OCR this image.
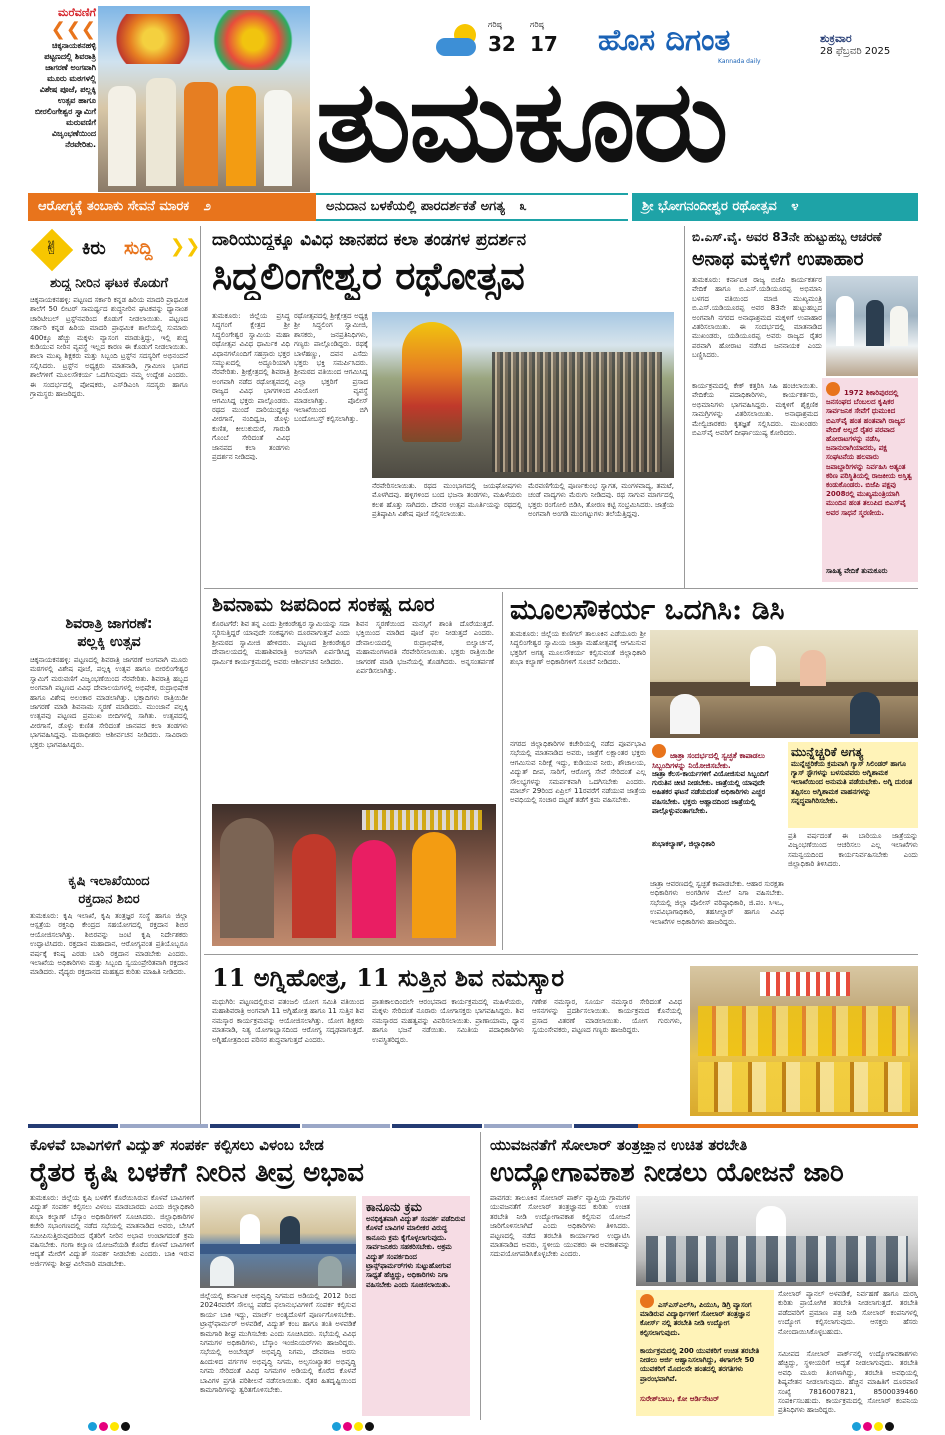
ಮರೆವಣಿಗೆ
❮❮❮
ಚಿಕ್ಕನಾಯಕನಹಳ್ಳಿ ಪಟ್ಟಣದಲ್ಲಿ ಶಿವರಾತ್ರಿ ಜಾಗರಣೆ ಅಂಗವಾಗಿ ಮೂರು ಮಠಗಳಲ್ಲಿ ವಿಶೇಷ ಪೂಜೆ, ಪಲ್ಲಕ್ಕಿ ಉತ್ಸವ ಹಾಗೂ ಬೀರಲಿಂಗೇಶ್ವರ ಸ್ವಾಮಿಗೆ ಮರುವಣಿಗೆ ವಿಜೃಂಭಣೆಯಿಂದ ನೆರವೇರಿತು.
ಗರಿಷ್ಠ
32
ಗರಿಷ್ಠ
17 ಹೊಸ ದಿಗಂತ
Kannada daily
ಶುಕ್ರವಾರ
28 ಫೆಬ್ರವರಿ 2025
ತುಮಕೂರು
ಆರೋಗ್ಯಕ್ಕೆ ತಂಬಾಕು ಸೇವನೆ ಮಾರಕ ೨	ಅನುದಾನ ಬಳಕೆಯಲ್ಲಿ ಪಾರದರ್ಶಕತೆ ಅಗತ್ಯ ೩	ಶ್ರೀ ಭೋಗನಂದೀಶ್ವರ ರಥೋತ್ಸವ ೪
✌ ಕಿರು ಸುದ್ದಿ ❯❯
ಶುದ್ಧ ನೀರಿನ ಘಟಕ ಕೊಡುಗೆ
ಚಿಕ್ಕನಾಯಕನಹಳ್ಳಿ: ಪಟ್ಟಣದ ಸರ್ಕಾರಿ ಕನ್ನಡ ಹಿರಿಯ ಮಾದರಿ ಪ್ರಾಥಮಿಕ ಶಾಲೆಗೆ 50 ಲೀಟರ್ ಸಾಮರ್ಥ್ಯದ ಶುದ್ಧನೀರಿನ ಘಟಕವನ್ನು ಧ್ಯಾನಾಂಶ ಚಾರಿಟೀಬಲ್ ಟ್ರಸ್ಟ್‌ನವರಿಂದ ಕೊಡುಗೆ ನೀಡಲಾಯಿತು. ಪಟ್ಟಣದ ಸರ್ಕಾರಿ ಕನ್ನಡ ಹಿರಿಯ ಮಾದರಿ ಪ್ರಾಥಮಿಕ ಶಾಲೆಯಲ್ಲಿ ಸುಮಾರು 400ಕ್ಕೂ ಹೆಚ್ಚು ಮಕ್ಕಳು ವ್ಯಾಸಂಗ ಮಾಡುತ್ತಿದ್ದು, ಇಲ್ಲಿ ಶುದ್ಧ ಕುಡಿಯುವ ನೀರಿನ ವ್ಯವಸ್ಥೆ ಇಲ್ಲದ ಕಾರಣ ಈ ಕೊಡುಗೆ ನೀಡಲಾಯಿತು. ಶಾಲಾ ಮುಖ್ಯ ಶಿಕ್ಷಕರು ಮತ್ತು ಸಿಬ್ಬಂದಿ ಟ್ರಸ್ಟ್‌ನ ಸದಸ್ಯರಿಗೆ ಅಭಿನಂದನೆ ಸಲ್ಲಿಸಿದರು. ಟ್ರಸ್ಟ್‌ನ ಅಧ್ಯಕ್ಷರು ಮಾತನಾಡಿ, ಗ್ರಾಮೀಣ ಭಾಗದ ಶಾಲೆಗಳಿಗೆ ಮೂಲಸೌಕರ್ಯ ಒದಗಿಸುವುದು ನಮ್ಮ ಉದ್ದೇಶ ಎಂದರು. ಈ ಸಂದರ್ಭದಲ್ಲಿ ಪೋಷಕರು, ಎಸ್‌ಡಿಎಂಸಿ ಸದಸ್ಯರು ಹಾಗೂ ಗ್ರಾಮಸ್ಥರು ಹಾಜರಿದ್ದರು.
ಶಿವರಾತ್ರಿ ಜಾಗರಣೆ:
ಪಲ್ಲಕ್ಕಿ ಉತ್ಸವ
ಚಿಕ್ಕನಾಯಕನಹಳ್ಳಿ: ಪಟ್ಟಣದಲ್ಲಿ ಶಿವರಾತ್ರಿ ಜಾಗರಣೆ ಅಂಗವಾಗಿ ಮೂರು ಮಠಗಳಲ್ಲಿ ವಿಶೇಷ ಪೂಜೆ, ಪಲ್ಲಕ್ಕಿ ಉತ್ಸವ ಹಾಗೂ ಬೀರಲಿಂಗೇಶ್ವರ ಸ್ವಾಮಿಗೆ ಮರುವಣಿಗೆ ವಿಜೃಂಭಣೆಯಿಂದ ನೆರವೇರಿತು. ಶಿವರಾತ್ರಿ ಹಬ್ಬದ ಅಂಗವಾಗಿ ಪಟ್ಟಣದ ವಿವಿಧ ದೇವಾಲಯಗಳಲ್ಲಿ ಅಭಿಷೇಕ, ರುದ್ರಾಭಿಷೇಕ ಹಾಗೂ ವಿಶೇಷ ಅಲಂಕಾರ ಮಾಡಲಾಗಿತ್ತು. ಭಕ್ತಾದಿಗಳು ರಾತ್ರಿಯಿಡೀ ಜಾಗರಣೆ ಮಾಡಿ ಶಿವನಾಮ ಸ್ಮರಣೆ ಮಾಡಿದರು. ಮುಂಜಾನೆ ಪಲ್ಲಕ್ಕಿ ಉತ್ಸವವು ಪಟ್ಟಣದ ಪ್ರಮುಖ ಬೀದಿಗಳಲ್ಲಿ ಸಾಗಿತು. ಉತ್ಸವದಲ್ಲಿ ವೀರಗಾಸೆ, ಡೊಳ್ಳು ಕುಣಿತ ಸೇರಿದಂತೆ ಜಾನಪದ ಕಲಾ ತಂಡಗಳು ಭಾಗವಹಿಸಿದ್ದವು. ಮಠಾಧೀಶರು ಆಶೀರ್ವಚನ ನೀಡಿದರು. ಸಾವಿರಾರು ಭಕ್ತರು ಭಾಗವಹಿಸಿದ್ದರು.
ಕೃಷಿ ಇಲಾಖೆಯಿಂದ
ರಕ್ತದಾನ ಶಿಬಿರ
ತುಮಕೂರು: ಕೃಷಿ ಇಲಾಖೆ, ಕೃಷಿ ತಂತ್ರಜ್ಞರ ಸಂಸ್ಥೆ ಹಾಗೂ ಜಿಲ್ಲಾ ಆಸ್ಪತ್ರೆಯ ರಕ್ತನಿಧಿ ಕೇಂದ್ರದ ಸಹಯೋಗದಲ್ಲಿ ರಕ್ತದಾನ ಶಿಬಿರ ಆಯೋಜಿಸಲಾಗಿತ್ತು. ಶಿಬಿರವನ್ನು ಜಂಟಿ ಕೃಷಿ ನಿರ್ದೇಶಕರು ಉದ್ಘಾಟಿಸಿದರು. ರಕ್ತದಾನ ಮಹಾದಾನ, ಆರೋಗ್ಯವಂತ ಪ್ರತಿಯೊಬ್ಬರೂ ವರ್ಷಕ್ಕೆ ಕನಿಷ್ಠ ಎರಡು ಬಾರಿ ರಕ್ತದಾನ ಮಾಡಬೇಕು ಎಂದರು. ಇಲಾಖೆಯ ಅಧಿಕಾರಿಗಳು ಮತ್ತು ಸಿಬ್ಬಂದಿ ಸ್ವಯಂಪ್ರೇರಿತವಾಗಿ ರಕ್ತದಾನ ಮಾಡಿದರು. ವೈದ್ಯರು ರಕ್ತದಾನದ ಮಹತ್ವದ ಕುರಿತು ಮಾಹಿತಿ ನೀಡಿದರು.
ದಾರಿಯುದ್ದಕ್ಕೂ ವಿವಿಧ ಜಾನಪದ ಕಲಾ ತಂಡಗಳ ಪ್ರದರ್ಶನ
ಸಿದ್ದಲಿಂಗೇಶ್ವರ ರಥೋತ್ಸವ
ತುಮಕೂರು: ಜಿಲ್ಲೆಯ ಪ್ರಸಿದ್ಧ ಸಿದ್ಧಗಂಗೆ ಕ್ಷೇತ್ರದ ಶ್ರೀ ಸಿದ್ಧಲಿಂಗೇಶ್ವರ ಸ್ವಾಮಿಯ ಮಹಾ ರಥೋತ್ಸವ ವಿವಿಧ ಧಾರ್ಮಿಕ ವಿಧಿ ವಿಧಾನಗಳೊಂದಿಗೆ ಸಹಸ್ರಾರು ಭಕ್ತರ ಸಮ್ಮುಖದಲ್ಲಿ ಅದ್ಧೂರಿಯಾಗಿ ನೆರವೇರಿತು. ಶ್ರೀಕ್ಷೇತ್ರದಲ್ಲಿ ಶಿವರಾತ್ರಿ ಅಂಗವಾಗಿ ನಡೆದ ರಥೋತ್ಸವದಲ್ಲಿ ರಾಜ್ಯದ ವಿವಿಧ ಭಾಗಗಳಿಂದ ಆಗಮಿಸಿದ್ದ ಭಕ್ತರು ಪಾಲ್ಗೊಂಡರು. ರಥದ ಮುಂದೆ ದಾರಿಯುದ್ದಕ್ಕೂ ವೀರಗಾಸೆ, ನಂದಿಧ್ವಜ, ಡೊಳ್ಳು ಕುಣಿತ, ಕೀಲುಕುದುರೆ, ಗಾರುಡಿ ಗೊಂಬೆ ಸೇರಿದಂತೆ ವಿವಿಧ ಜಾನಪದ ಕಲಾ ತಂಡಗಳು ಪ್ರದರ್ಶನ ನೀಡಿದವು.
ರಥೋತ್ಸವದಲ್ಲಿ ಶ್ರೀಕ್ಷೇತ್ರದ ಅಧ್ಯಕ್ಷ ಶ್ರೀ ಸಿದ್ಧಲಿಂಗ ಸ್ವಾಮೀಜಿ, ಶಾಸಕರು, ಜನಪ್ರತಿನಿಧಿಗಳು, ಗಣ್ಯರು ಪಾಲ್ಗೊಂಡಿದ್ದರು. ರಥಕ್ಕೆ ಬಾಳೆಹಣ್ಣು, ದವನ ಎಸೆದು ಭಕ್ತರು ಭಕ್ತಿ ಸಮರ್ಪಿಸಿದರು. ಶ್ರೀಮಠದ ವತಿಯಿಂದ ಆಗಮಿಸಿದ್ದ ಎಲ್ಲಾ ಭಕ್ತರಿಗೆ ಪ್ರಸಾದ ವಿನಿಯೋಗ ವ್ಯವಸ್ಥೆ ಮಾಡಲಾಗಿತ್ತು. ಪೊಲೀಸ್ ಇಲಾಖೆಯಿಂದ ಬಿಗಿ ಬಂದೋಬಸ್ತ್ ಕಲ್ಪಿಸಲಾಗಿತ್ತು.
ನೆರವೇರಿಸಲಾಯಿತು. ರಥದ ಮುಂಭಾಗದಲ್ಲಿ ಜಯಘೋಷಗಳು ಮೊಳಗಿದವು. ಹಳ್ಳಿಗಳಿಂದ ಬಂದ ಭಜನಾ ತಂಡಗಳು, ಮಹಿಳೆಯರು ಕಲಶ ಹೊತ್ತು ಸಾಗಿದರು. ದೇವರ ಉತ್ಸವ ಮೂರ್ತಿಯನ್ನು ರಥದಲ್ಲಿ ಪ್ರತಿಷ್ಠಾಪಿಸಿ ವಿಶೇಷ ಪೂಜೆ ಸಲ್ಲಿಸಲಾಯಿತು.
ಮೆರವಣಿಗೆಯಲ್ಲಿ ಪೂರ್ಣಕುಂಭ ಸ್ವಾಗತ, ಮಂಗಳವಾದ್ಯ, ತಮಟೆ, ಚಂಡೆ ವಾದ್ಯಗಳು ಮೆರುಗು ನೀಡಿದವು. ರಥ ಸಾಗುವ ಮಾರ್ಗದಲ್ಲಿ ಭಕ್ತರು ರಂಗೋಲಿ ಬಿಡಿಸಿ, ತೋರಣ ಕಟ್ಟಿ ಸಂಭ್ರಮಿಸಿದರು. ಜಾತ್ರೆಯ ಅಂಗವಾಗಿ ಅಂಗಡಿ ಮುಂಗಟ್ಟುಗಳು ತಲೆಯೆತ್ತಿದ್ದವು.
ಬಿ.ಎಸ್.ವೈ. ಅವರ 83ನೇ ಹುಟ್ಟುಹಬ್ಬ ಆಚರಣೆ
ಅನಾಥ ಮಕ್ಕಳಿಗೆ ಉಪಾಹಾರ
ತುಮಕೂರು: ಕರ್ನಾಟಕ ರಾಜ್ಯ ಬಿಜೆಪಿ ಕಾರ್ಯಕರ್ತರ ವೇದಿಕೆ ಹಾಗೂ ಬಿ.ಎಸ್.ಯಡಿಯೂರಪ್ಪ ಅಭಿಮಾನಿ ಬಳಗದ ವತಿಯಿಂದ ಮಾಜಿ ಮುಖ್ಯಮಂತ್ರಿ ಬಿ.ಎಸ್.ಯಡಿಯೂರಪ್ಪ ಅವರ 83ನೇ ಹುಟ್ಟುಹಬ್ಬದ ಅಂಗವಾಗಿ ನಗರದ ಅನಾಥಾಶ್ರಮದ ಮಕ್ಕಳಿಗೆ ಉಪಾಹಾರ ವಿತರಿಸಲಾಯಿತು. ಈ ಸಂದರ್ಭದಲ್ಲಿ ಮಾತನಾಡಿದ ಮುಖಂಡರು, ಯಡಿಯೂರಪ್ಪ ಅವರು ರಾಜ್ಯದ ರೈತರ ಪರವಾಗಿ ಹೋರಾಟ ನಡೆಸಿದ ಜನನಾಯಕ ಎಂದು ಬಣ್ಣಿಸಿದರು.
ಕಾರ್ಯಕ್ರಮದಲ್ಲಿ ಕೇಕ್ ಕತ್ತರಿಸಿ ಸಿಹಿ ಹಂಚಲಾಯಿತು. ವೇದಿಕೆಯ ಪದಾಧಿಕಾರಿಗಳು, ಕಾರ್ಯಕರ್ತರು, ಅಭಿಮಾನಿಗಳು ಭಾಗವಹಿಸಿದ್ದರು. ಮಕ್ಕಳಿಗೆ ಶೈಕ್ಷಣಿಕ ಸಾಮಗ್ರಿಗಳನ್ನು ವಿತರಿಸಲಾಯಿತು. ಅನಾಥಾಶ್ರಮದ ಮೇಲ್ವಿಚಾರಕರು ಕೃತಜ್ಞತೆ ಸಲ್ಲಿಸಿದರು. ಮುಖಂಡರು ಬಿಎಸ್‌ವೈ ಅವರಿಗೆ ದೀರ್ಘಾಯುಷ್ಯ ಕೋರಿದರು.
1972 ಶಿಕಾರಿಪುರದಲ್ಲಿ ಜನಸಂಘದ ಬೆಂಬಲದ ಕೃಷಿಕರ ಸಾರ್ವಜನಿಕ ಸೇವೆಗೆ ಧುಮುಕಿದ ಬಿಎಸ್‌ವೈ ಹಂತ ಹಂತವಾಗಿ ರಾಜ್ಯದ ವೇದಿಕೆ ಅಲ್ಲದೆ ರೈತರ ಪರವಾದ ಹೋರಾಟಗಳನ್ನು ನಡೆಸಿ, ಜನಾನುರಾಗಿಯಾದರು, ಪಕ್ಷ ಸಂಘಟನೆಯ ಹಲವಾರು ಜವಾಬ್ದಾರಿಗಳನ್ನು ನಿರ್ವಹಿಸಿ ಅತ್ಯಂತ ಕಠಿಣ ಪರಿಸ್ಥಿತಿಯಲ್ಲಿ ರಾಜಕೀಯ ಅಸ್ತಿತ್ವ ಕಂಡುಕೊಂಡರು. ಬಿಜೆಪಿ ಪಕ್ಷವು 2008ರಲ್ಲಿ ಮುಖ್ಯಮಂತ್ರಿಯಾಗಿ ಮುಂದಿನ ಹಂತ ತಲುಪಿದ ಬಿಎಸ್‌ವೈ ಅವರ ಸಾಧನೆ ಸ್ಮರಣೀಯ.
ಸಾಹಿತ್ಯ ವೇದಿಕೆ ತುಮಕೂರು
ಶಿವನಾಮ ಜಪದಿಂದ ಸಂಕಷ್ಟ ದೂರ
ಕೊರಟಗೆರೆ: ಶಿವ ತನ್ನ ಎಂದು ಶ್ರೀಕಂಠೇಶ್ವರ ಸ್ವಾಮಿಯನ್ನು ಸದಾ ಸ್ಮರಿಸುತ್ತಿದ್ದರೆ ಯಾವುದೇ ಸಂಕಷ್ಟಗಳು ದೂರವಾಗುತ್ತವೆ ಎಂದು ಶ್ರೀಮಠದ ಸ್ವಾಮೀಜಿ ಹೇಳಿದರು. ಪಟ್ಟಣದ ಶ್ರೀಕಂಠೇಶ್ವರ ದೇವಾಲಯದಲ್ಲಿ ಮಹಾಶಿವರಾತ್ರಿ ಅಂಗವಾಗಿ ಏರ್ಪಡಿಸಿದ್ದ ಧಾರ್ಮಿಕ ಕಾರ್ಯಕ್ರಮದಲ್ಲಿ ಅವರು ಆಶೀರ್ವಚನ ನೀಡಿದರು.
ಶಿವನ ಸ್ಮರಣೆಯಿಂದ ಮನಸ್ಸಿಗೆ ಶಾಂತಿ ದೊರೆಯುತ್ತದೆ. ಭಕ್ತಿಯಿಂದ ಮಾಡಿದ ಪೂಜೆ ಫಲ ನೀಡುತ್ತದೆ ಎಂದರು. ದೇವಾಲಯದಲ್ಲಿ ರುದ್ರಾಭಿಷೇಕ, ಬಿಲ್ವಾರ್ಚನೆ, ಮಹಾಮಂಗಳಾರತಿ ನೆರವೇರಿಸಲಾಯಿತು. ಭಕ್ತರು ರಾತ್ರಿಯಿಡೀ ಜಾಗರಣೆ ಮಾಡಿ ಭಜನೆಯಲ್ಲಿ ತೊಡಗಿದರು. ಅನ್ನಸಂತರ್ಪಣೆ ಏರ್ಪಡಿಸಲಾಗಿತ್ತು.
ಮೂಲಸೌಕರ್ಯ ಒದಗಿಸಿ: ಡಿಸಿ
ತುಮಕೂರು: ಜಿಲ್ಲೆಯ ಕುಣಿಗಲ್ ತಾಲೂಕಿನ ಎಡೆಯೂರು ಶ್ರೀ ಸಿದ್ಧಲಿಂಗೇಶ್ವರ ಸ್ವಾಮಿಯ ಜಾತ್ರಾ ಮಹೋತ್ಸವಕ್ಕೆ ಆಗಮಿಸುವ ಭಕ್ತರಿಗೆ ಅಗತ್ಯ ಮೂಲಸೌಕರ್ಯ ಕಲ್ಪಿಸುವಂತೆ ಜಿಲ್ಲಾಧಿಕಾರಿ ಶುಭಾ ಕಲ್ಯಾಣ್ ಅಧಿಕಾರಿಗಳಿಗೆ ಸೂಚನೆ ನೀಡಿದರು.
ಜಾತ್ರಾ ಸಂದರ್ಭದಲ್ಲಿ ಸ್ವಚ್ಛತೆ ಕಾಪಾಡಲು ಸಿಬ್ಬಂದಿಗಳನ್ನು ನಿಯೋಜಿಸಬೇಕು.
ಜಾತ್ರಾ ಕೆಲಸ-ಕಾರ್ಯಗಳಿಗೆ ವಿಯೋಜಿಸುವ ಸಿಬ್ಬಂದಿಗೆ ಗುರುತಿನ ಚೀಟಿ ನೀಡಬೇಕು. ಜಾತ್ರೆಯಲ್ಲಿ ಯಾವುದೇ ಅಹಿತಕರ ಘಟನೆ ನಡೆಯದಂತೆ ಅಧಿಕಾರಿಗಳು ಎಚ್ಚರ ವಹಿಸಬೇಕು. ಭಕ್ತರು ಆಹ್ಲಾದದಿಂದ ಜಾತ್ರೆಯಲ್ಲಿ ಪಾಲ್ಗೊಳ್ಳುವಂತಾಗಬೇಕು.
ಶುಭಾಕಲ್ಯಾಣ್, ಜಿಲ್ಲಾಧಿಕಾರಿ
ಮುನ್ನೆಚ್ಚರಿಕೆ ಅಗತ್ಯ
ಮುನ್ನೆಚ್ಚರಿಕೆಯ ಕ್ರಮವಾಗಿ ಗ್ಯಾಸ್ ಸಿಲಿಂಡರ್ ಹಾಗೂ ಗ್ಯಾಸ್ ಸ್ಟೌಗಳನ್ನು ಬಳಸುವವರು ಅಗ್ನಿಶಾಮಕ ಇಲಾಖೆಯಿಂದ ಅನುಮತಿ ಪಡೆಯಬೇಕು. ಅಗ್ನಿ ದುರಂತ ತಪ್ಪಿಸಲು ಅಗ್ನಿಶಾಮಕ ವಾಹನಗಳನ್ನು ಸನ್ನದ್ಧವಾಗಿರಿಸಬೇಕು.
ನಗರದ ಜಿಲ್ಲಾಧಿಕಾರಿಗಳ ಕಚೇರಿಯಲ್ಲಿ ನಡೆದ ಪೂರ್ವಭಾವಿ ಸಭೆಯಲ್ಲಿ ಮಾತನಾಡಿದ ಅವರು, ಜಾತ್ರೆಗೆ ಲಕ್ಷಾಂತರ ಭಕ್ತರು ಆಗಮಿಸುವ ನಿರೀಕ್ಷೆ ಇದ್ದು, ಕುಡಿಯುವ ನೀರು, ಶೌಚಾಲಯ, ವಿದ್ಯುತ್ ದೀಪ, ಸಾರಿಗೆ, ಆರೋಗ್ಯ ಸೇವೆ ಸೇರಿದಂತೆ ಎಲ್ಲ ಸೌಲಭ್ಯಗಳನ್ನು ಸಮರ್ಪಕವಾಗಿ ಒದಗಿಸಬೇಕು ಎಂದರು. ಮಾರ್ಚ್ 29ರಿಂದ ಏಪ್ರಿಲ್ 11ರವರೆಗೆ ನಡೆಯುವ ಜಾತ್ರೆಯ ಅವಧಿಯಲ್ಲಿ ಸಂಚಾರ ದಟ್ಟಣೆ ತಡೆಗೆ ಕ್ರಮ ವಹಿಸಬೇಕು.
ಜಾತ್ರಾ ಆವರಣದಲ್ಲಿ ಸ್ವಚ್ಛತೆ ಕಾಪಾಡಬೇಕು. ಆಹಾರ ಸುರಕ್ಷತಾ ಅಧಿಕಾರಿಗಳು ಅಂಗಡಿಗಳ ಮೇಲೆ ನಿಗಾ ವಹಿಸಬೇಕು. ಸಭೆಯಲ್ಲಿ ಜಿಲ್ಲಾ ಪೊಲೀಸ್ ವರಿಷ್ಠಾಧಿಕಾರಿ, ಜಿ.ಪಂ. ಸಿಇಒ, ಉಪವಿಭಾಗಾಧಿಕಾರಿ, ತಹಸೀಲ್ದಾರ್ ಹಾಗೂ ವಿವಿಧ ಇಲಾಖೆಗಳ ಅಧಿಕಾರಿಗಳು ಹಾಜರಿದ್ದರು.
ಪ್ರತಿ ವರ್ಷದಂತೆ ಈ ಬಾರಿಯೂ ಜಾತ್ರೆಯನ್ನು ವಿಜೃಂಭಣೆಯಿಂದ ಆಚರಿಸಲು ಎಲ್ಲ ಇಲಾಖೆಗಳು ಸಮನ್ವಯದಿಂದ ಕಾರ್ಯನಿರ್ವಹಿಸಬೇಕು ಎಂದು ಜಿಲ್ಲಾಧಿಕಾರಿ ತಿಳಿಸಿದರು.
11 ಅಗ್ನಿಹೋತ್ರ, 11 ಸುತ್ತಿನ ಶಿವ ನಮಸ್ಕಾರ
ಮಧುಗಿರಿ: ಪಟ್ಟಣದಲ್ಲಿರುವ ಪತಂಜಲಿ ಯೋಗ ಸಮಿತಿ ವತಿಯಿಂದ ಮಹಾಶಿವರಾತ್ರಿ ಅಂಗವಾಗಿ 11 ಅಗ್ನಿಹೋತ್ರ ಹಾಗೂ 11 ಸುತ್ತಿನ ಶಿವ ನಮಸ್ಕಾರ ಕಾರ್ಯಕ್ರಮವನ್ನು ಆಯೋಜಿಸಲಾಗಿತ್ತು. ಯೋಗ ಶಿಕ್ಷಕರು ಮಾತನಾಡಿ, ನಿತ್ಯ ಯೋಗಾಭ್ಯಾಸದಿಂದ ಆರೋಗ್ಯ ಸದೃಢವಾಗುತ್ತದೆ. ಅಗ್ನಿಹೋತ್ರದಿಂದ ಪರಿಸರ ಶುದ್ಧವಾಗುತ್ತದೆ ಎಂದರು.
ಪ್ರಾತಃಕಾಲದಿಂದಲೇ ಆರಂಭವಾದ ಕಾರ್ಯಕ್ರಮದಲ್ಲಿ ಮಹಿಳೆಯರು, ಮಕ್ಕಳು ಸೇರಿದಂತೆ ನೂರಾರು ಯೋಗಾಸಕ್ತರು ಭಾಗವಹಿಸಿದ್ದರು. ಶಿವ ನಮಸ್ಕಾರದ ಮಹತ್ವವನ್ನು ವಿವರಿಸಲಾಯಿತು. ಪ್ರಾಣಾಯಾಮ, ಧ್ಯಾನ ಹಾಗೂ ಭಜನೆ ನಡೆಯಿತು. ಸಮಿತಿಯ ಪದಾಧಿಕಾರಿಗಳು ಉಪಸ್ಥಿತರಿದ್ದರು.
ಗಣೇಶ ನಮಸ್ಕಾರ, ಸೂರ್ಯ ನಮಸ್ಕಾರ ಸೇರಿದಂತೆ ವಿವಿಧ ಆಸನಗಳನ್ನು ಪ್ರದರ್ಶಿಸಲಾಯಿತು. ಕಾರ್ಯಕ್ರಮದ ಕೊನೆಯಲ್ಲಿ ಪ್ರಸಾದ ವಿತರಣೆ ಮಾಡಲಾಯಿತು. ಯೋಗ ಗುರುಗಳು, ಸ್ವಯಂಸೇವಕರು, ಪಟ್ಟಣದ ಗಣ್ಯರು ಹಾಜರಿದ್ದರು.
ಕೊಳವೆ ಬಾವಿಗಳಿಗೆ ವಿದ್ಯುತ್ ಸಂಪರ್ಕ ಕಲ್ಪಿಸಲು ವಿಳಂಬ ಬೇಡ
ರೈತರ ಕೃಷಿ ಬಳಕೆಗೆ ನೀರಿನ ತೀವ್ರ ಅಭಾವ
ತುಮಕೂರು: ಜಿಲ್ಲೆಯ ಕೃಷಿ ಬಳಕೆಗೆ ಕೊರೆಯಿಸಿರುವ ಕೊಳವೆ ಬಾವಿಗಳಿಗೆ ವಿದ್ಯುತ್ ಸಂಪರ್ಕ ಕಲ್ಪಿಸಲು ವಿಳಂಬ ಮಾಡಬಾರದು ಎಂದು ಜಿಲ್ಲಾಧಿಕಾರಿ ಶುಭಾ ಕಲ್ಯಾಣ್ ಬೆಸ್ಕಾಂ ಅಧಿಕಾರಿಗಳಿಗೆ ಸೂಚಿಸಿದರು. ಜಿಲ್ಲಾಧಿಕಾರಿಗಳ ಕಚೇರಿ ಸಭಾಂಗಣದಲ್ಲಿ ನಡೆದ ಸಭೆಯಲ್ಲಿ ಮಾತನಾಡಿದ ಅವರು, ಬೇಸಿಗೆ ಸಮೀಪಿಸುತ್ತಿರುವುದರಿಂದ ರೈತರಿಗೆ ನೀರಿನ ಅಭಾವ ಉಂಟಾಗದಂತೆ ಕ್ರಮ ವಹಿಸಬೇಕು. ಗಂಗಾ ಕಲ್ಯಾಣ ಯೋಜನೆಯಡಿ ಕೊರೆದ ಕೊಳವೆ ಬಾವಿಗಳಿಗೆ ಆದ್ಯತೆ ಮೇರೆಗೆ ವಿದ್ಯುತ್ ಸಂಪರ್ಕ ನೀಡಬೇಕು ಎಂದರು. ಬಾಕಿ ಇರುವ ಅರ್ಜಿಗಳನ್ನು ಶೀಘ್ರ ವಿಲೇವಾರಿ ಮಾಡಬೇಕು.
ಜಿಲ್ಲೆಯಲ್ಲಿ ಕರ್ನಾಟಕ ಅಭಿವೃದ್ಧಿ ನಿಗಮದ ಅಡಿಯಲ್ಲಿ 2012 ರಿಂದ 2024ರವರೆಗೆ ಸೌಲಭ್ಯ ಪಡೆದ ಫಲಾನುಭವಿಗಳಿಗೆ ಸಂಪರ್ಕ ಕಲ್ಪಿಸುವ ಕಾರ್ಯ ಬಾಕಿ ಇದ್ದು, ಮಾರ್ಚ್ ಅಂತ್ಯದೊಳಗೆ ಪೂರ್ಣಗೊಳಿಸಬೇಕು. ಟ್ರಾನ್ಸ್‌ಫಾರ್ಮರ್ ಅಳವಡಿಕೆ, ವಿದ್ಯುತ್ ಕಂಬ ಹಾಗೂ ತಂತಿ ಅಳವಡಿಕೆ ಕಾಮಗಾರಿ ಶೀಘ್ರ ಮುಗಿಸಬೇಕು ಎಂದು ಸೂಚಿಸಿದರು. ಸಭೆಯಲ್ಲಿ ವಿವಿಧ ನಿಗಮಗಳ ಅಧಿಕಾರಿಗಳು, ಬೆಸ್ಕಾಂ ಇಂಜಿನಿಯರ್‌ಗಳು ಹಾಜರಿದ್ದರು. ಸಭೆಯಲ್ಲಿ ಅಂಬೇಡ್ಕರ್ ಅಭಿವೃದ್ಧಿ ನಿಗಮ, ದೇವರಾಜ ಅರಸು ಹಿಂದುಳಿದ ವರ್ಗಗಳ ಅಭಿವೃದ್ಧಿ ನಿಗಮ, ಅಲ್ಪಸಂಖ್ಯಾತರ ಅಭಿವೃದ್ಧಿ ನಿಗಮ ಸೇರಿದಂತೆ ವಿವಿಧ ನಿಗಮಗಳ ಅಡಿಯಲ್ಲಿ ಕೊರೆದ ಕೊಳವೆ ಬಾವಿಗಳ ಪ್ರಗತಿ ಪರಿಶೀಲನೆ ನಡೆಸಲಾಯಿತು. ರೈತರ ಹಿತದೃಷ್ಟಿಯಿಂದ ಕಾಮಗಾರಿಗಳನ್ನು ತ್ವರಿತಗೊಳಿಸಬೇಕು.
ಕಾನೂನು ಕ್ರಮ
ಅನಧಿಕೃತವಾಗಿ ವಿದ್ಯುತ್ ಸಂಪರ್ಕ ಪಡೆದಿರುವ ಕೊಳವೆ ಬಾವಿಗಳ ಮಾಲೀಕರ ವಿರುದ್ಧ ಕಾನೂನು ಕ್ರಮ ಕೈಗೊಳ್ಳಲಾಗುವುದು. ಸಾರ್ವಜನಿಕರು ಸಹಕರಿಸಬೇಕು. ಅಕ್ರಮ ವಿದ್ಯುತ್ ಸಂಪರ್ಕದಿಂದ ಟ್ರಾನ್ಸ್‌ಫಾರ್ಮರ್‌ಗಳು ಸುಟ್ಟುಹೋಗುವ ಸಾಧ್ಯತೆ ಹೆಚ್ಚಿದ್ದು, ಅಧಿಕಾರಿಗಳು ನಿಗಾ ವಹಿಸಬೇಕು ಎಂದು ಸೂಚಿಸಲಾಯಿತು.
ಯುವಜನತೆಗೆ ಸೋಲಾರ್ ತಂತ್ರಜ್ಞಾನ ಉಚಿತ ತರಬೇತಿ
ಉದ್ಯೋಗಾವಕಾಶ ನೀಡಲು ಯೋಜನೆ ಜಾರಿ
ಪಾವಗಡ: ತಾಲೂಕಿನ ಸೋಲಾರ್ ಪಾರ್ಕ್ ವ್ಯಾಪ್ತಿಯ ಗ್ರಾಮಗಳ ಯುವಜನತೆಗೆ ಸೋಲಾರ್ ತಂತ್ರಜ್ಞಾನದ ಕುರಿತು ಉಚಿತ ತರಬೇತಿ ನೀಡಿ ಉದ್ಯೋಗಾವಕಾಶ ಕಲ್ಪಿಸುವ ಯೋಜನೆ ಜಾರಿಗೊಳಿಸಲಾಗಿದೆ ಎಂದು ಅಧಿಕಾರಿಗಳು ತಿಳಿಸಿದರು. ಪಟ್ಟಣದಲ್ಲಿ ನಡೆದ ತರಬೇತಿ ಕಾರ್ಯಾಗಾರ ಉದ್ಘಾಟಿಸಿ ಮಾತನಾಡಿದ ಅವರು, ಸ್ಥಳೀಯ ಯುವಕರು ಈ ಅವಕಾಶವನ್ನು ಸದುಪಯೋಗಪಡಿಸಿಕೊಳ್ಳಬೇಕು ಎಂದರು.
ಎಸ್‌ಎಸ್‌ಎಲ್‌ಸಿ, ಪಿಯುಸಿ, ಡಿಗ್ರಿ ವ್ಯಾಸಂಗ ಮಾಡಿರುವ ವಿದ್ಯಾರ್ಥಿಗಳಿಗೆ ಸೋಲಾರ್ ತಂತ್ರಜ್ಞಾನ ಕೋರ್ಸ್ ನಲ್ಲಿ ತರಬೇತಿ ನೀಡಿ ಉದ್ಯೋಗ ಕಲ್ಪಿಸಲಾಗುವುದು.
ಕಾರ್ಯಕ್ರಮದಲ್ಲಿ 200 ಯುವಕರಿಗೆ ಉಚಿತ ತರಬೇತಿ ನೀಡಲು ಅರ್ಜಿ ಆಹ್ವಾನಿಸಲಾಗಿದ್ದು, ಈಗಾಗಲೇ 50 ಯುವಕರಿಗೆ ಮೊದಲನೇ ಹಂತದಲ್ಲಿ ತರಗತಿಗಳು ಪ್ರಾರಂಭವಾಗಿವೆ.
ಸುರೇಶ್‌ಬಾಬು, ಕೋ ಆರ್ಡಿನೇಟರ್
ಸೋಲಾರ್ ಪ್ಯಾನಲ್ ಅಳವಡಿಕೆ, ನಿರ್ವಹಣೆ ಹಾಗೂ ದುರಸ್ತಿ ಕುರಿತು ಪ್ರಾಯೋಗಿಕ ತರಬೇತಿ ನೀಡಲಾಗುತ್ತದೆ. ತರಬೇತಿ ಪಡೆದವರಿಗೆ ಪ್ರಮಾಣ ಪತ್ರ ನೀಡಿ ಸೋಲಾರ್ ಕಂಪನಿಗಳಲ್ಲಿ ಉದ್ಯೋಗ ಕಲ್ಪಿಸಲಾಗುವುದು. ಆಸಕ್ತರು ಹೆಸರು ನೋಂದಾಯಿಸಿಕೊಳ್ಳಬಹುದು.
ಸಮೀಪದ ಸೋಲಾರ್ ಪಾರ್ಕ್‌ನಲ್ಲಿ ಉದ್ಯೋಗಾವಕಾಶಗಳು ಹೆಚ್ಚಿದ್ದು, ಸ್ಥಳೀಯರಿಗೆ ಆದ್ಯತೆ ನೀಡಲಾಗುವುದು. ತರಬೇತಿ ಅವಧಿ ಮೂರು ತಿಂಗಳಾಗಿದ್ದು, ತರಬೇತಿ ಅವಧಿಯಲ್ಲಿ ಶಿಷ್ಯವೇತನ ನೀಡಲಾಗುವುದು. ಹೆಚ್ಚಿನ ಮಾಹಿತಿಗೆ ದೂರವಾಣಿ ಸಂಖ್ಯೆ 7816007821, 8500039460 ಸಂಪರ್ಕಿಸಬಹುದು. ಕಾರ್ಯಕ್ರಮದಲ್ಲಿ ಸೋಲಾರ್ ಕಂಪನಿಯ ಪ್ರತಿನಿಧಿಗಳು ಹಾಜರಿದ್ದರು.
